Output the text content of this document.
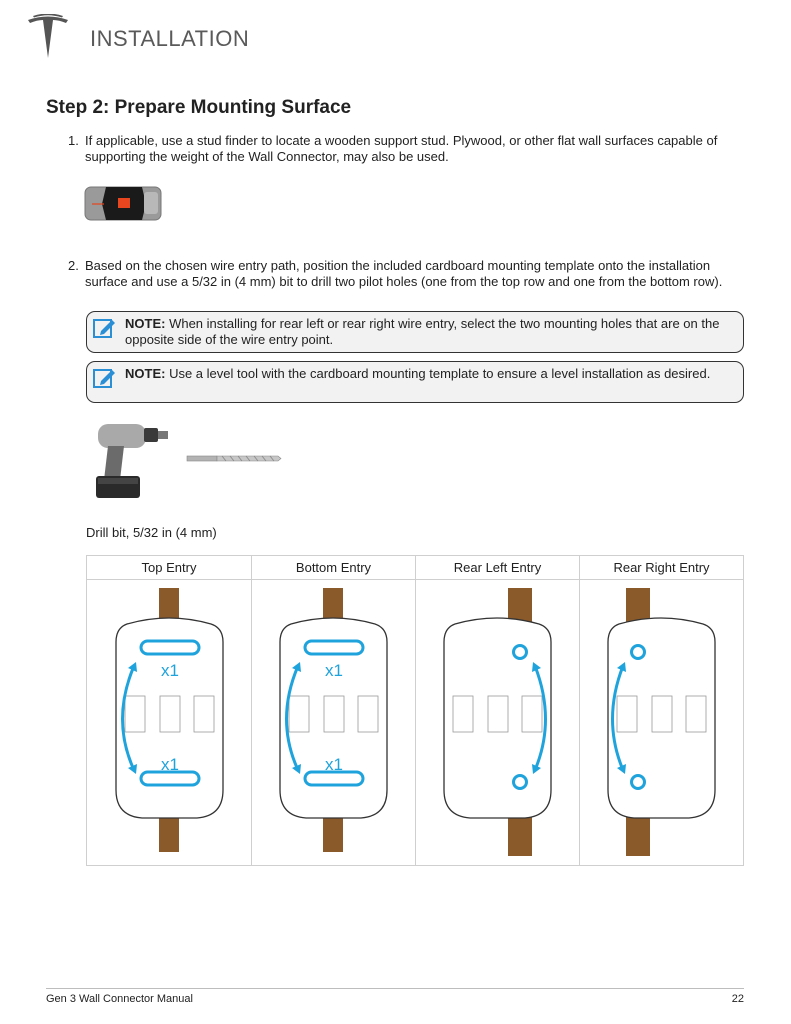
INSTALLATION
Step 2: Prepare Mounting Surface
1. If applicable, use a stud finder to locate a wooden support stud. Plywood, or other flat wall surfaces capable of supporting the weight of the Wall Connector, may also be used.
2. Based on the chosen wire entry path, position the included cardboard mounting template onto the installation surface and use a 5/32 in (4 mm) bit to drill two pilot holes (one from the top row and one from the bottom row).
NOTE: When installing for rear left or rear right wire entry, select the two mounting holes that are on the opposite side of the wire entry point.
NOTE: Use a level tool with the cardboard mounting template to ensure a level installation as desired.
Drill bit, 5/32 in (4 mm)
Top Entry	Bottom Entry	Rear Left Entry	Rear Right Entry
x1
x1
x1
x1
Gen 3 Wall Connector Manual	22
